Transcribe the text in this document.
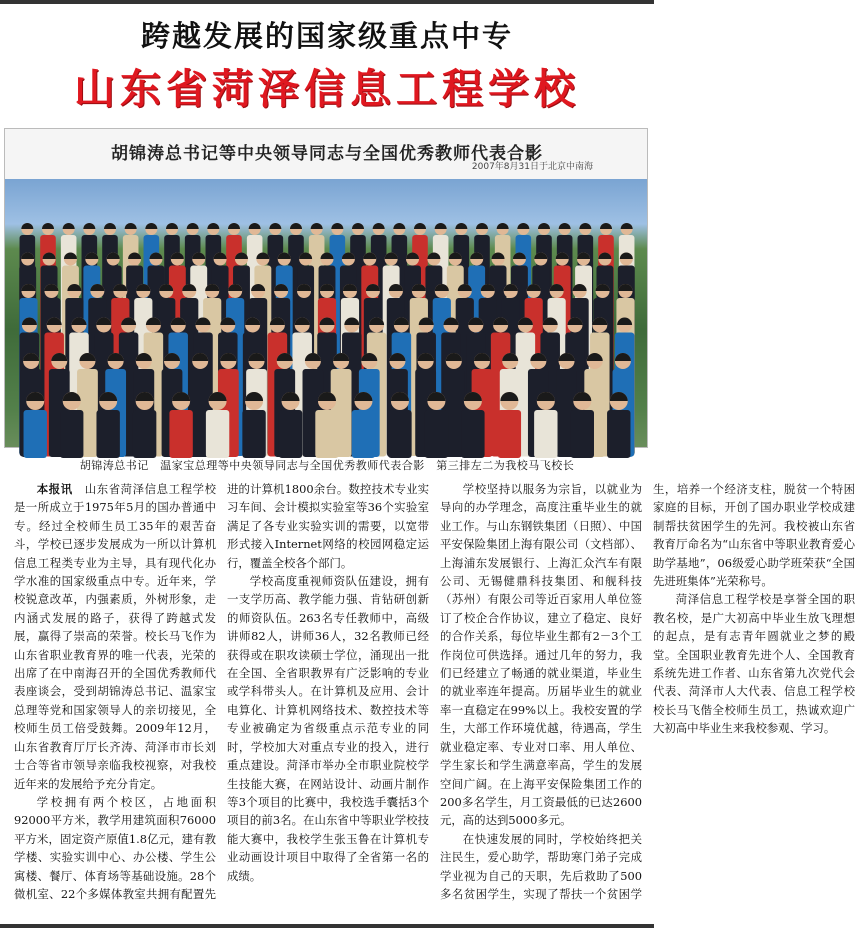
跨越发展的国家级重点中专
山东省菏泽信息工程学校
胡锦涛总书记等中央领导同志与全国优秀教师代表合影
2007年8月31日于北京中南海
胡锦涛总书记　温家宝总理等中央领导同志与全国优秀教师代表合影　第三排左二为我校马飞校长

本报讯　 山东省菏泽信息工程学校是一所成立于1975年5月的国办普通中专。经过全校师生员工35年的艰苦奋斗，学校已逐步发展成为一所以计算机信息工程类专业为主导，具有现代化办学水准的国家级重点中专。近年来，学校锐意改革，内强素质，外树形象，走内涵式发展的路子，获得了跨越式发展，赢得了崇高的荣誉。校长马飞作为山东省职业教育界的唯一代表，光荣的出席了在中南海召开的全国优秀教师代表座谈会，受到胡锦涛总书记、温家宝总理等党和国家领导人的亲切接见，全校师生员工倍受鼓舞。2009年12月，山东省教育厅厅长齐涛、菏泽市市长刘士合等省市领导亲临我校视察，对我校近年来的发展给予充分肯定。

学校拥有两个校区，占地面积92000平方米，教学用建筑面积76000平方米，固定资产原值1.8亿元，建有教学楼、实验实训中心、办公楼、学生公寓楼、餐厅、体育场等基础设施。28个微机室、22个多媒体教室共拥有配置先进的计算机1800余台。数控技术专业实习车间、会计模拟实验室等36个实验室满足了各专业实验实训的需要，以宽带形式接入Internet网络的校园网稳定运行，覆盖全校各个部门。

学校高度重视师资队伍建设，拥有一支学历高、教学能力强、肯钻研创新的师资队伍。263名专任教师中，高级讲师82人，讲师36人，32名教师已经获得或在职攻读硕士学位，涌现出一批在全国、全省职教界有广泛影响的专业或学科带头人。在计算机及应用、会计电算化、计算机网络技术、数控技术等专业被确定为省级重点示范专业的同时，学校加大对重点专业的投入，进行重点建设。菏泽市举办全市职业院校学生技能大赛，在网站设计、动画片制作等3个项目的比赛中，我校选手囊括3个项目的前3名。在山东省中等职业学校技能大赛中，我校学生张玉鲁在计算机专业动画设计项目中取得了全省第一名的成绩。

学校坚持以服务为宗旨，以就业为导向的办学理念，高度注重毕业生的就业工作。与山东钢铁集团（日照）、中国平安保险集团上海有限公司（文档部）、上海浦东发展银行、上海汇众汽车有限公司、无锡健鼎科技集团、和舰科技（苏州）有限公司等近百家用人单位签订了校企合作协议，建立了稳定、良好的合作关系，每位毕业生都有2－3个工作岗位可供选择。通过几年的努力，我们已经建立了畅通的就业渠道，毕业生的就业率连年提高。历届毕业生的就业率一直稳定在99%以上。我校安置的学生，大部工作环境优越，待遇高，学生就业稳定率、专业对口率、用人单位、学生家长和学生满意率高，学生的发展空间广阔。在上海平安保险集团工作的200多名学生，月工资最低的已达2600元，高的达到5000多元。

在快速发展的同时，学校始终把关注民生，爱心助学，帮助寒门弟子完成学业视为自己的天职，先后救助了500多名贫困学生，实现了帮扶一个贫困学生，培养一个经济支柱，脱贫一个特困家庭的目标，开创了国办职业学校成建制帮扶贫困学生的先河。我校被山东省教育厅命名为“山东省中等职业教育爱心助学基地”，06级爱心助学班荣获“全国先进班集体”光荣称号。

菏泽信息工程学校是享誉全国的职教名校，是广大初高中毕业生放飞理想的起点，是有志青年圆就业之梦的殿堂。全国职业教育先进个人、全国教育系统先进工作者、山东省第九次党代会代表、菏泽市人大代表、信息工程学校校长马飞偕全校师生员工，热诚欢迎广大初高中毕业生来我校参观、学习。
